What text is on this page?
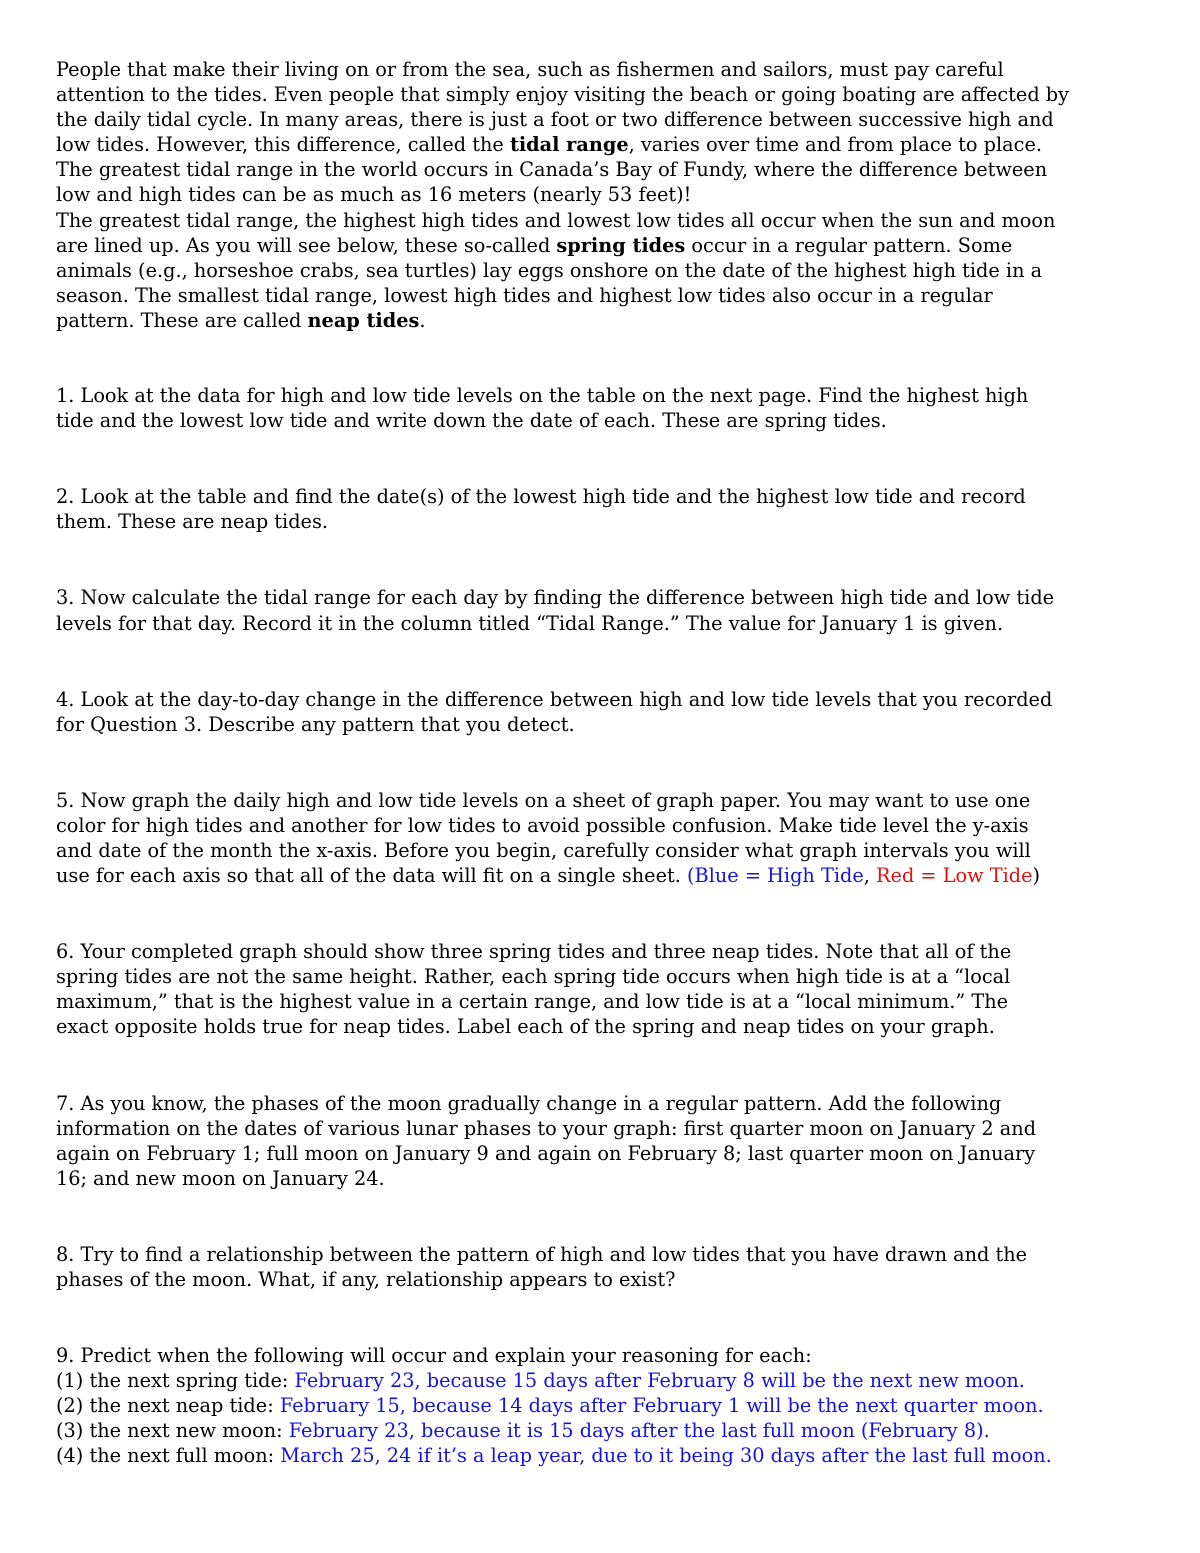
People that make their living on or from the sea, such as fishermen and sailors, must pay careful
attention to the tides. Even people that simply enjoy visiting the beach or going boating are affected by
the daily tidal cycle. In many areas, there is just a foot or two difference between successive high and
low tides. However, this difference, called the tidal range, varies over time and from place to place.
The greatest tidal range in the world occurs in Canada’s Bay of Fundy, where the difference between
low and high tides can be as much as 16 meters (nearly 53 feet)!
The greatest tidal range, the highest high tides and lowest low tides all occur when the sun and moon
are lined up. As you will see below, these so-called spring tides occur in a regular pattern. Some
animals (e.g., horseshoe crabs, sea turtles) lay eggs onshore on the date of the highest high tide in a
season. The smallest tidal range, lowest high tides and highest low tides also occur in a regular
pattern. These are called neap tides.
1. Look at the data for high and low tide levels on the table on the next page. Find the highest high
tide and the lowest low tide and write down the date of each. These are spring tides.
2. Look at the table and find the date(s) of the lowest high tide and the highest low tide and record
them. These are neap tides.
3. Now calculate the tidal range for each day by finding the difference between high tide and low tide
levels for that day. Record it in the column titled “Tidal Range.” The value for January 1 is given.
4. Look at the day-to-day change in the difference between high and low tide levels that you recorded
for Question 3. Describe any pattern that you detect.
5. Now graph the daily high and low tide levels on a sheet of graph paper. You may want to use one
color for high tides and another for low tides to avoid possible confusion. Make tide level the y-axis
and date of the month the x-axis. Before you begin, carefully consider what graph intervals you will
use for each axis so that all of the data will fit on a single sheet. (Blue = High Tide, Red = Low Tide)
6. Your completed graph should show three spring tides and three neap tides. Note that all of the
spring tides are not the same height. Rather, each spring tide occurs when high tide is at a “local
maximum,” that is the highest value in a certain range, and low tide is at a “local minimum.” The
exact opposite holds true for neap tides. Label each of the spring and neap tides on your graph.
7. As you know, the phases of the moon gradually change in a regular pattern. Add the following
information on the dates of various lunar phases to your graph: first quarter moon on January 2 and
again on February 1; full moon on January 9 and again on February 8; last quarter moon on January
16; and new moon on January 24.
8. Try to find a relationship between the pattern of high and low tides that you have drawn and the
phases of the moon. What, if any, relationship appears to exist?
9. Predict when the following will occur and explain your reasoning for each:
(1) the next spring tide: February 23, because 15 days after February 8 will be the next new moon.
(2) the next neap tide: February 15, because 14 days after February 1 will be the next quarter moon.
(3) the next new moon: February 23, because it is 15 days after the last full moon (February 8).
(4) the next full moon: March 25, 24 if it’s a leap year, due to it being 30 days after the last full moon.
